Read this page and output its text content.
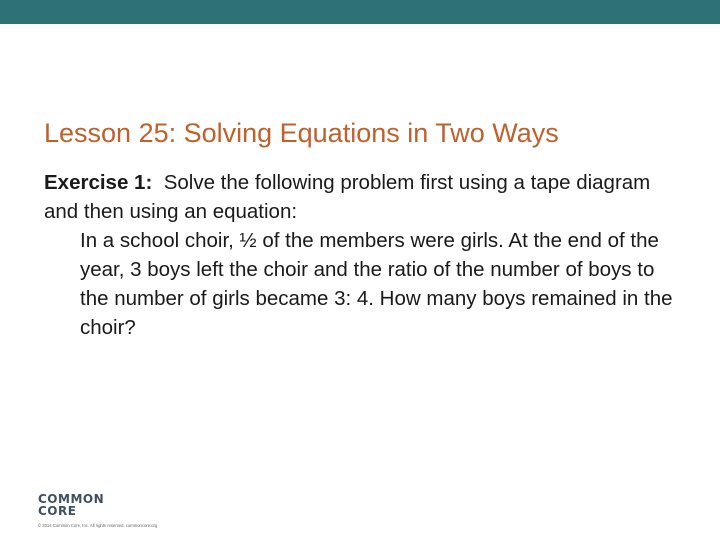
Lesson 25: Solving Equations in Two Ways
Exercise 1: Solve the following problem first using a tape diagram and then using an equation:
In a school choir, ½ of the members were girls. At the end of the year, 3 boys left the choir and the ratio of the number of boys to the number of girls became 3: 4. How many boys remained in the choir?
COMMON
CORE
© 2014 Common Core, Inc. All rights reserved. commoncore.org
